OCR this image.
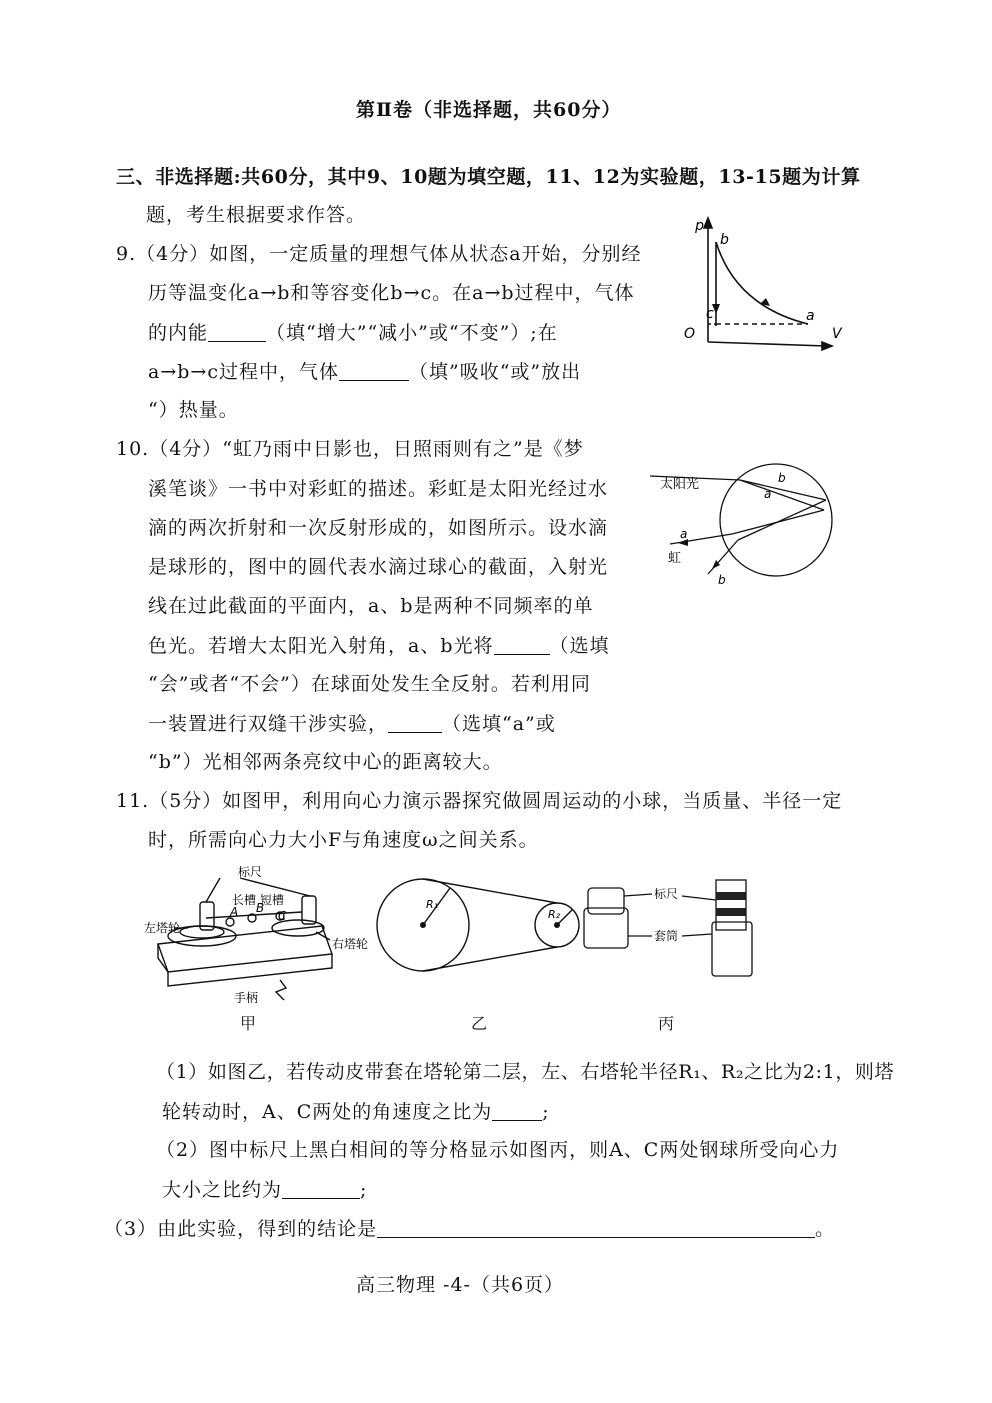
第Ⅱ卷（非选择题，共60分）
三、非选择题:共60分，其中9、10题为填空题，11、12为实验题，13-15题为计算
题，考生根据要求作答。
9.（4分）如图，一定质量的理想气体从状态a开始，分别经
历等温变化a→b和等容变化b→c。在a→b过程中，气体
的内能	（填“增大”“减小”或“不变”）;在
a→b→c过程中，气体	（填”吸收“或”放出
“）热量。
p
V
O
b
c	a
10.（4分）“虹乃雨中日影也，日照雨则有之”是《梦
溪笔谈》一书中对彩虹的描述。彩虹是太阳光经过水
滴的两次折射和一次反射形成的，如图所示。设水滴
是球形的，图中的圆代表水滴过球心的截面，入射光
线在过此截面的平面内，a、b是两种不同频率的单
色光。若增大太阳光入射角，a、b光将	（选填
“会”或者“不会”）在球面处发生全反射。若利用同
一装置进行双缝干涉实验，	（选填“a”或
“b”）光相邻两条亮纹中心的距离较大。
太阳光
虹
b
a
a
b
11.（5分）如图甲，利用向心力演示器探究做圆周运动的小球，当质量、半径一定
时，所需向心力大小F与角速度ω之间关系。
标尺
长槽 短槽
A B
C
左塔轮
右塔轮
手柄
R₁
R₂
标尺
套筒
甲	乙	丙
（1）如图乙，若传动皮带套在塔轮第二层，左、右塔轮半径R₁、R₂之比为2:1，则塔
轮转动时，A、C两处的角速度之比为	;
（2）图中标尺上黑白相间的等分格显示如图丙，则A、C两处钢球所受向心力
大小之比约为	;
（3）由此实验，得到的结论是	。
高三物理 -4-（共6页）
